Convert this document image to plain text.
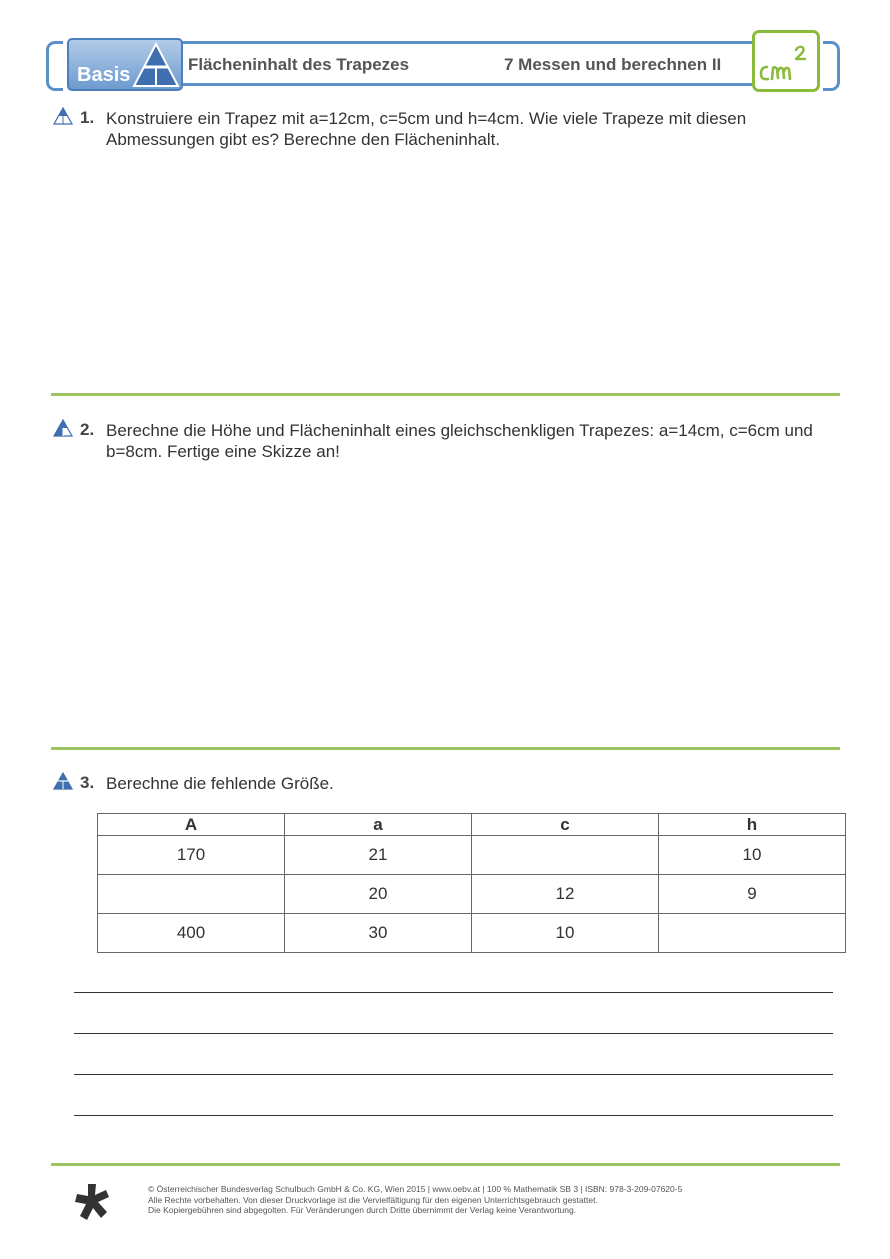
Basis	Flächeninhalt des Trapezes	7 Messen und berechnen II
1. Konstruiere ein Trapez mit a=12cm, c=5cm und h=4cm. Wie viele Trapeze mit diesen Abmessungen gibt es? Berechne den Flächeninhalt.
2. Berechne die Höhe und Flächeninhalt eines gleichschenkligen Trapezes: a=14cm, c=6cm und b=8cm. Fertige eine Skizze an!
3. Berechne die fehlende Größe.
A	a	c	h
170	21		10
	20	12	9
400	30	10	
© Österreichischer Bundesverlag Schulbuch GmbH & Co. KG, Wien 2015 | www.oebv.at | 100 % Mathematik SB 3 | ISBN: 978-3-209-07620-5
Alle Rechte vorbehalten. Von dieser Druckvorlage ist die Vervielfältigung für den eigenen Unterrichtsgebrauch gestattet.
Die Kopiergebühren sind abgegolten. Für Veränderungen durch Dritte übernimmt der Verlag keine Verantwortung.
